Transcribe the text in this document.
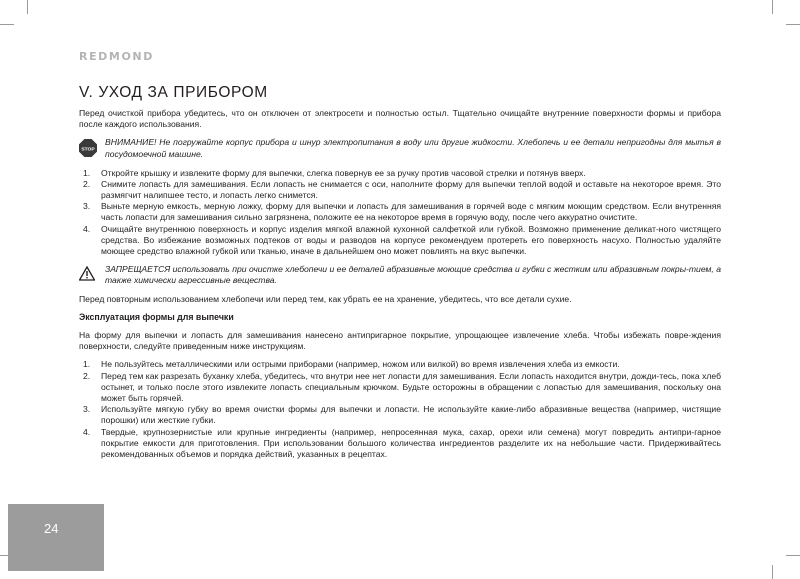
REDMOND
V. УХОД ЗА ПРИБОРОМ

Перед очисткой прибора убедитесь, что он отключен от электросети и полностью остыл. Тщательно очищайте внутренние поверхности формы и прибора после каждого использования.

STOP
ВНИМАНИЕ! Не погружайте корпус прибора и шнур электропитания в воду или другие жидкости. Хлебопечь и ее детали непригодны для мытья в посудомоечной машине.
1.	Откройте крышку и извлеките форму для выпечки, слегка повернув ее за ручку против часовой стрелки и потянув вверх.
2.	Снимите лопасть для замешивания. Если лопасть не снимается с оси, наполните форму для выпечки теплой водой и оставьте на некоторое время. Это размягчит налипшее тесто, и лопасть легко снимется.
3.	Выньте мерную емкость, мерную ложку, форму для выпечки и лопасть для замешивания в горячей воде с мягким моющим средством. Если внутренняя часть лопасти для замешивания сильно загрязнена, положите ее на некоторое время в горячую воду, после чего аккуратно очистите.
4.	Очищайте внутреннюю поверхность и корпус изделия мягкой влажной кухонной салфеткой или губкой. Возможно применение деликат-ного чистящего средства. Во избежание возможных подтеков от воды и разводов на корпусе рекомендуем протереть его поверхность насухо. Полностью удаляйте моющее средство влажной губкой или тканью, иначе в дальнейшем оно может повлиять на вкус выпечки.
ЗАПРЕЩАЕТСЯ использовать при очистке хлебопечи и ее деталей абразивные моющие средства и губки с жестким или абразивным покры-тием, а также химически агрессивные вещества.

Перед повторным использованием хлебопечи или перед тем, как убрать ее на хранение, убедитесь, что все детали сухие.

Эксплуатация формы для выпечки

На форму для выпечки и лопасть для замешивания нанесено антипригарное покрытие, упрощающее извлечение хлеба. Чтобы избежать повре-ждения поверхности, следуйте приведенным ниже инструкциям.

1.	Не пользуйтесь металлическими или острыми приборами (например, ножом или вилкой) во время извлечения хлеба из емкости.
2.	Перед тем как разрезать буханку хлеба, убедитесь, что внутри нее нет лопасти для замешивания. Если лопасть находится внутри, дожди-тесь, пока хлеб остынет, и только после этого извлеките лопасть специальным крючком. Будьте осторожны в обращении с лопастью для замешивания, поскольку она может быть горячей.
3.	Используйте мягкую губку во время очистки формы для выпечки и лопасти. Не используйте какие-либо абразивные вещества (например, чистящие порошки) или жесткие губки.
4.	Твердые, крупнозернистые или крупные ингредиенты (например, непросеянная мука, сахар, орехи или семена) могут повредить антипри-гарное покрытие емкости для приготовления. При использовании большого количества ингредиентов разделите их на небольшие части. Придерживайтесь рекомендованных объемов и порядка действий, указанных в рецептах.
24
